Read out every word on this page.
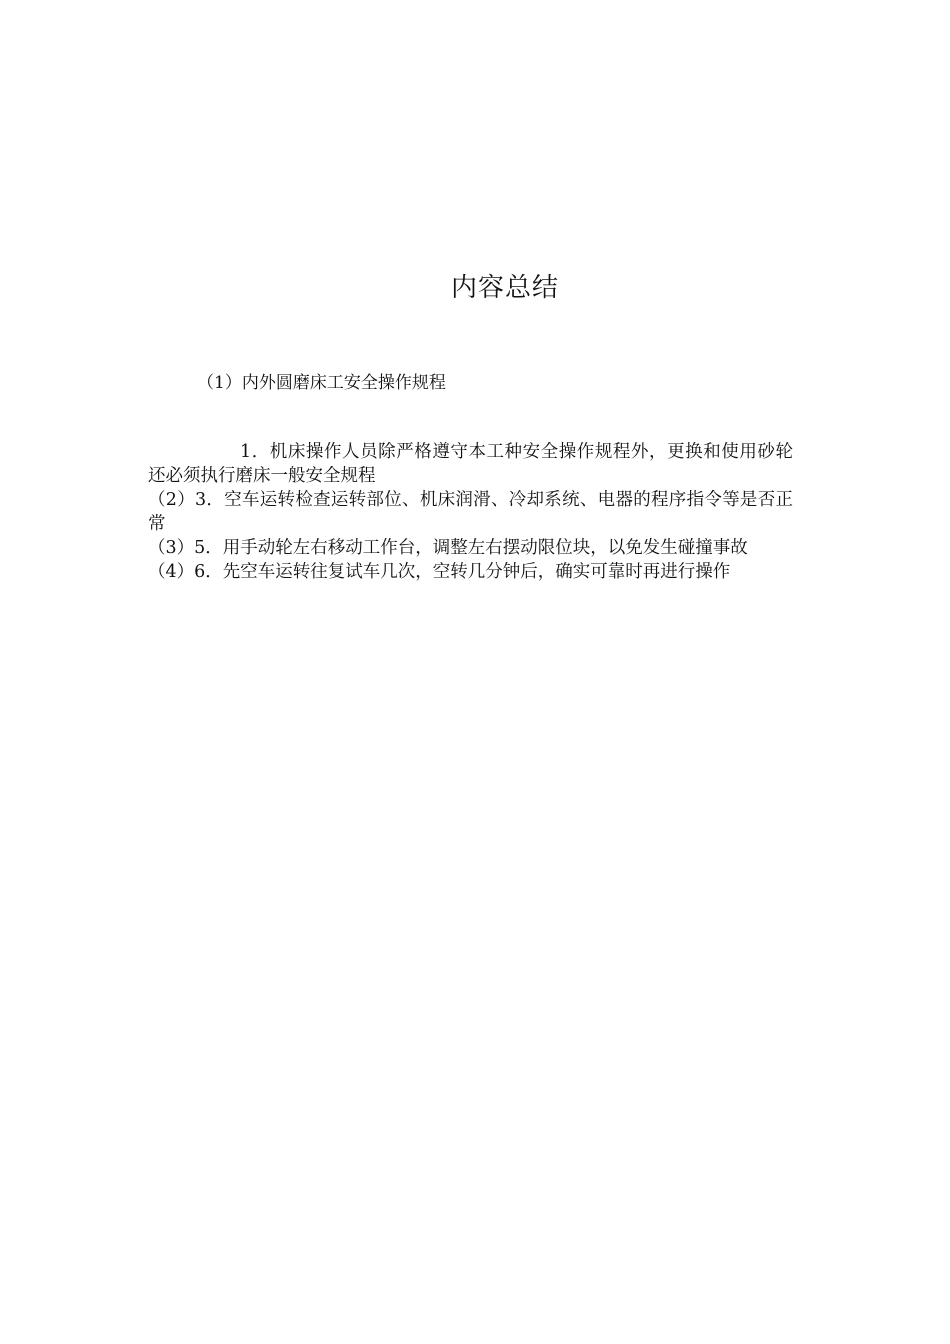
内容总结

（1）内外圆磨床工安全操作规程

1．机床操作人员除严格遵守本工种安全操作规程外，更换和使用砂轮还必须执行磨床一般安全规程

（2）3．空车运转检查运转部位、机床润滑、冷却系统、电器的程序指令等是否正常

（3）5．用手动轮左右移动工作台，调整左右摆动限位块，以免发生碰撞事故

（4）6．先空车运转往复试车几次，空转几分钟后，确实可靠时再进行操作
